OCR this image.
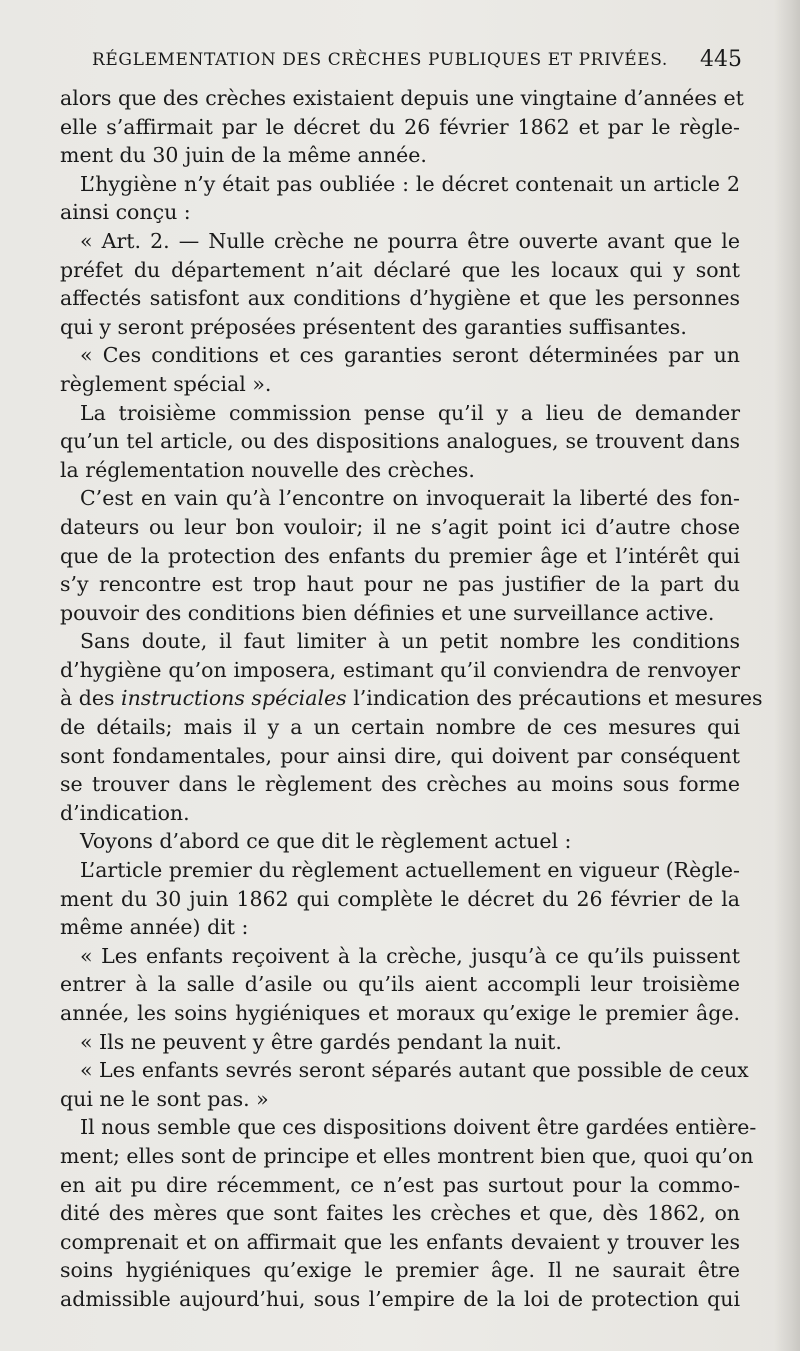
RÉGLEMENTATION DES CRÈCHES PUBLIQUES ET PRIVÉES. 445
alors que des crèches existaient depuis une vingtaine d’années et
elle s’affirmait par le décret du 26 février 1862 et par le règle-
ment du 30 juin de la même année.
L’hygiène n’y était pas oubliée : le décret contenait un article 2
ainsi conçu :
« Art. 2. — Nulle crèche ne pourra être ouverte avant que le
préfet du département n’ait déclaré que les locaux qui y sont
affectés satisfont aux conditions d’hygiène et que les personnes
qui y seront préposées présentent des garanties suffisantes.
« Ces conditions et ces garanties seront déterminées par un
règlement spécial ».
La troisième commission pense qu’il y a lieu de demander
qu’un tel article, ou des dispositions analogues, se trouvent dans
la réglementation nouvelle des crèches.
C’est en vain qu’à l’encontre on invoquerait la liberté des fon-
dateurs ou leur bon vouloir; il ne s’agit point ici d’autre chose
que de la protection des enfants du premier âge et l’intérêt qui
s’y rencontre est trop haut pour ne pas justifier de la part du
pouvoir des conditions bien définies et une surveillance active.
Sans doute, il faut limiter à un petit nombre les conditions
d’hygiène qu’on imposera, estimant qu’il conviendra de renvoyer
à des instructions spéciales l’indication des précautions et mesures
de détails; mais il y a un certain nombre de ces mesures qui
sont fondamentales, pour ainsi dire, qui doivent par conséquent
se trouver dans le règlement des crèches au moins sous forme
d’indication.
Voyons d’abord ce que dit le règlement actuel :
L’article premier du règlement actuellement en vigueur (Règle-
ment du 30 juin 1862 qui complète le décret du 26 février de la
même année) dit :
« Les enfants reçoivent à la crèche, jusqu’à ce qu’ils puissent
entrer à la salle d’asile ou qu’ils aient accompli leur troisième
année, les soins hygiéniques et moraux qu’exige le premier âge.
« Ils ne peuvent y être gardés pendant la nuit.
« Les enfants sevrés seront séparés autant que possible de ceux
qui ne le sont pas. »
Il nous semble que ces dispositions doivent être gardées entière-
ment; elles sont de principe et elles montrent bien que, quoi qu’on
en ait pu dire récemment, ce n’est pas surtout pour la commo-
dité des mères que sont faites les crèches et que, dès 1862, on
comprenait et on affirmait que les enfants devaient y trouver les
soins hygiéniques qu’exige le premier âge. Il ne saurait être
admissible aujourd’hui, sous l’empire de la loi de protection qui
